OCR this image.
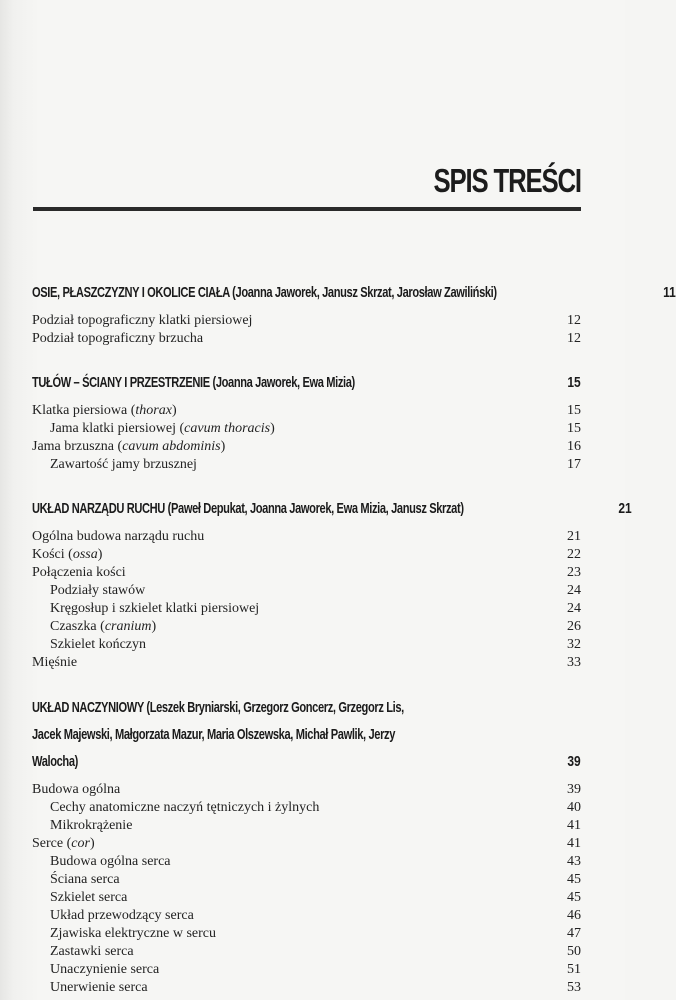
SPIS TREŚCI
OSIE, PŁASZCZYZNY I OKOLICE CIAŁA (Joanna Jaworek, Janusz Skrzat, Jarosław Zawiliński)	11
Podział topograficzny klatki piersiowej	12
Podział topograficzny brzucha	12
TUŁÓW – ŚCIANY I PRZESTRZENIE (Joanna Jaworek, Ewa Mizia)	15
Klatka piersiowa (thorax)	15
Jama klatki piersiowej (cavum thoracis)	15
Jama brzuszna (cavum abdominis)	16
Zawartość jamy brzusznej	17
UKŁAD NARZĄDU RUCHU (Paweł Depukat, Joanna Jaworek, Ewa Mizia, Janusz Skrzat)	21
Ogólna budowa narządu ruchu	21
Kości (ossa)	22
Połączenia kości	23
Podziały stawów	24
Kręgosłup i szkielet klatki piersiowej	24
Czaszka (cranium)	26
Szkielet kończyn	32
Mięśnie	33
UKŁAD NACZYNIOWY (Leszek Bryniarski, Grzegorz Goncerz, Grzegorz Lis, Jacek Majewski, Małgorzata Mazur, Maria Olszewska, Michał Pawlik, Jerzy Walocha)	39
Budowa ogólna	39
Cechy anatomiczne naczyń tętniczych i żylnych	40
Mikrokrążenie	41
Serce (cor)	41
Budowa ogólna serca	43
Ściana serca	45
Szkielet serca	45
Układ przewodzący serca	46
Zjawiska elektryczne w sercu	47
Zastawki serca	50
Unaczynienie serca	51
Unerwienie serca	53
